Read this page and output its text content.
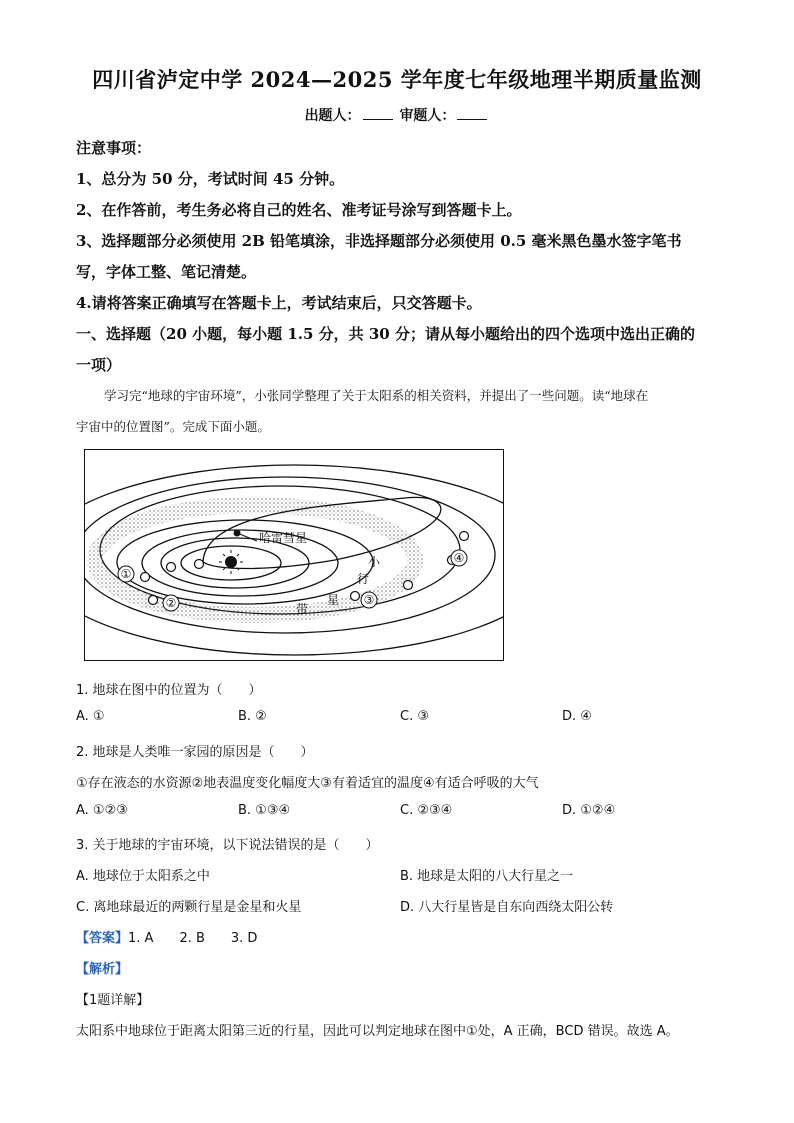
四川省泸定中学 2024—2025 学年度七年级地理半期质量监测
出题人：	审题人：
注意事项：
1、总分为 50 分，考试时间 45 分钟。
2、在作答前，考生务必将自己的姓名、准考证号涂写到答题卡上。
3、选择题部分必须使用 2B 铅笔填涂，非选择题部分必须使用 0.5 毫米黑色墨水签字笔书
写，字体工整、笔记清楚。
4.请将答案正确填写在答题卡上，考试结束后，只交答题卡。
一、选择题（20 小题，每小题 1.5 分，共 30 分；请从每小题给出的四个选项中选出正确的
一项）
学习完“地球的宇宙环境”，小张同学整理了关于太阳系的相关资料，并提出了一些问题。读“地球在
宇宙中的位置图”。完成下面小题。
哈雷彗星
①
②	③
④
小
行
星
带
1. 地球在图中的位置为（　　）
A. ①	B. ②	C. ③	D. ④
2. 地球是人类唯一家园的原因是（　　）
①存在液态的水资源②地表温度变化幅度大③有着适宜的温度④有适合呼吸的大气
A. ①②③	B. ①③④	C. ②③④	D. ①②④
3. 关于地球的宇宙环境，以下说法错误的是（　　）
A. 地球位于太阳系之中	B. 地球是太阳的八大行星之一
C. 离地球最近的两颗行星是金星和火星	D. 八大行星皆是自东向西绕太阳公转
【答案】1. A　　2. B　　3. D
【解析】
【1题详解】
太阳系中地球位于距离太阳第三近的行星，因此可以判定地球在图中①处，A 正确，BCD 错误。故选 A。
